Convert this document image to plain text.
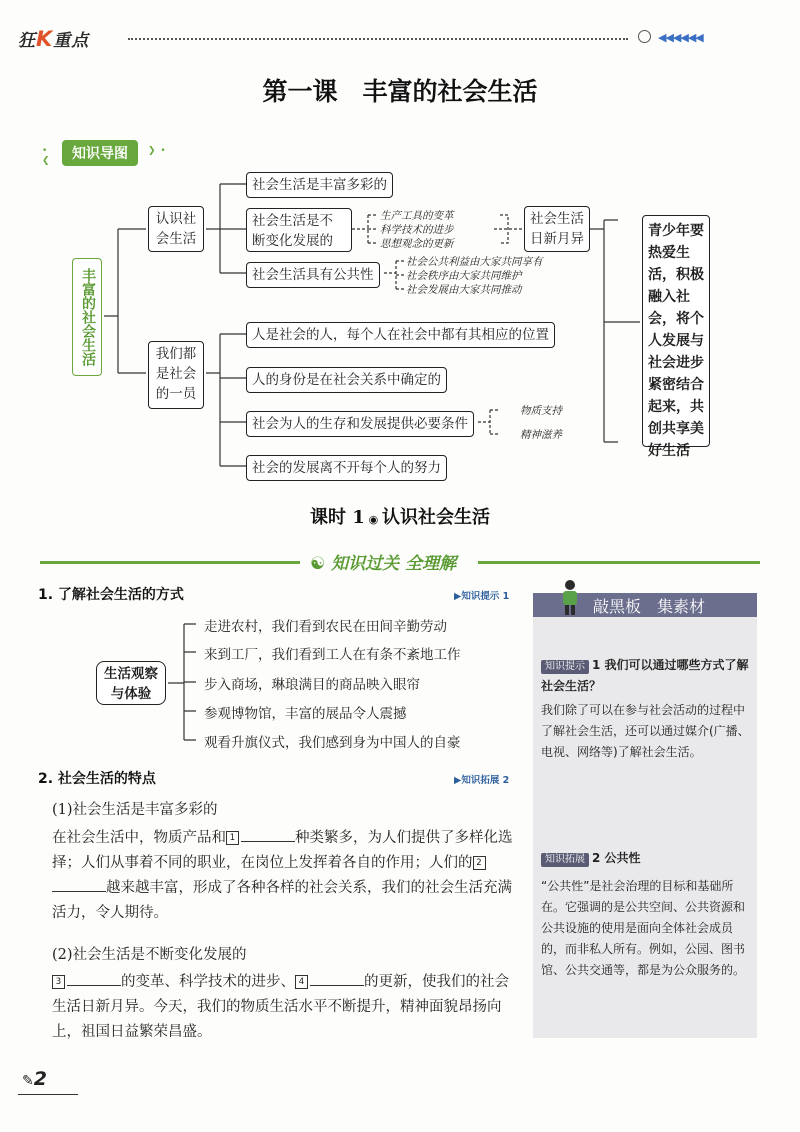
狂K重点	◀◀◀◀◀◀
第一课　丰富的社会生活
• ❮	知识导图	❯ •
丰富的社会生活
认识社会生活
社会生活是丰富多彩的
社会生活是不断变化发展的
社会生活具有公共性
生产工具的变革
科学技术的进步
思想观念的更新
社会生活日新月异
社会公共利益由大家共同享有
社会秩序由大家共同维护
社会发展由大家共同推动
我们都是社会的一员
人是社会的人，每个人在社会中都有其相应的位置
人的身份是在社会关系中确定的
社会为人的生存和发展提供必要条件
社会的发展离不开每个人的努力
物质支持
精神滋养
青少年要热爱生活，积极融入社会，将个人发展与社会进步紧密结合起来，共创共享美好生活
课时 1 ◉ 认识社会生活
☯ 知识过关 全理解
1. 了解社会生活的方式	▶知识提示 1
生活观察与体验
走进农村，我们看到农民在田间辛勤劳动
来到工厂，我们看到工人在有条不紊地工作
步入商场，琳琅满目的商品映入眼帘
参观博物馆，丰富的展品令人震撼
观看升旗仪式，我们感到身为中国人的自豪
2. 社会生活的特点	▶知识拓展 2
(1)社会生活是丰富多彩的
在社会生活中，物质产品和 1	种类繁多，为人们提供了多样化选择；人们从事着不同的职业，在岗位上发挥着各自的作用；人们的 2越来越丰富，形成了各种各样的社会关系，我们的社会生活充满活力，令人期待。
(2)社会生活是不断变化发展的
3	的变革、科学技术的进步、 4	的更新，使我们的社会生活日新月异。今天，我们的物质生活水平不断提升，精神面貌昂扬向上，祖国日益繁荣昌盛。
敲黑板　集素材
知识提示 1 我们可以通过哪些方式了解社会生活？
我们除了可以在参与社会活动的过程中了解社会生活，还可以通过媒介(广播、电视、网络等)了解社会生活。
知识拓展 2 公共性
“公共性”是社会治理的目标和基础所在。它强调的是公共空间、公共资源和公共设施的使用是面向全体社会成员的，而非私人所有。例如，公园、图书馆、公共交通等，都是为公众服务的。
✎2
